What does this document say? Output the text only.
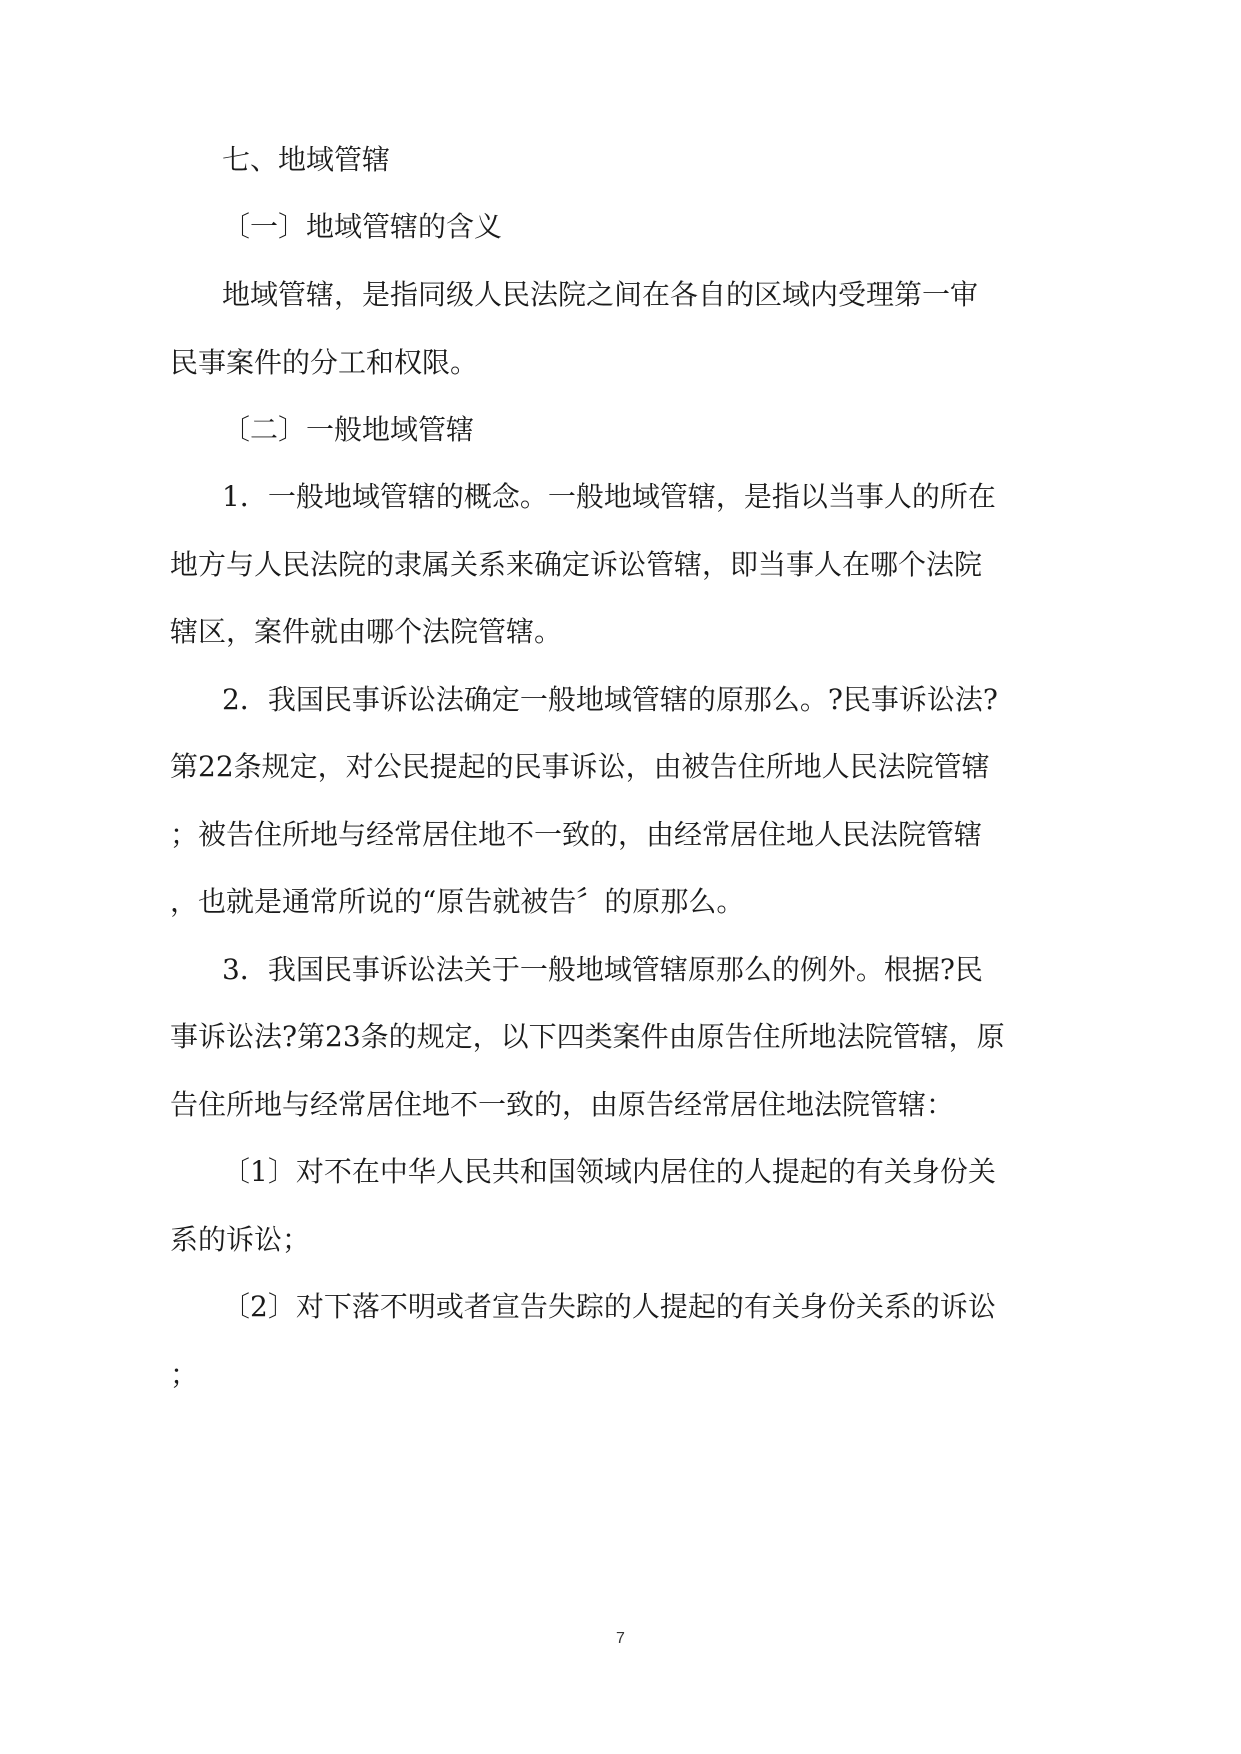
七、地域管辖
〔一〕地域管辖的含义
地域管辖，是指同级人民法院之间在各自的区域内受理第一审
民事案件的分工和权限。
〔二〕一般地域管辖
1．一般地域管辖的概念。一般地域管辖，是指以当事人的所在
地方与人民法院的隶属关系来确定诉讼管辖，即当事人在哪个法院
辖区，案件就由哪个法院管辖。
2．我国民事诉讼法确定一般地域管辖的原那么。?民事诉讼法?
第22条规定，对公民提起的民事诉讼，由被告住所地人民法院管辖
；被告住所地与经常居住地不一致的，由经常居住地人民法院管辖
，也就是通常所说的“原告就被告〞的原那么。
3．我国民事诉讼法关于一般地域管辖原那么的例外。根据?民
事诉讼法?第23条的规定，以下四类案件由原告住所地法院管辖，原
告住所地与经常居住地不一致的，由原告经常居住地法院管辖：
〔1〕对不在中华人民共和国领域内居住的人提起的有关身份关
系的诉讼；
〔2〕对下落不明或者宣告失踪的人提起的有关身份关系的诉讼
；
7
